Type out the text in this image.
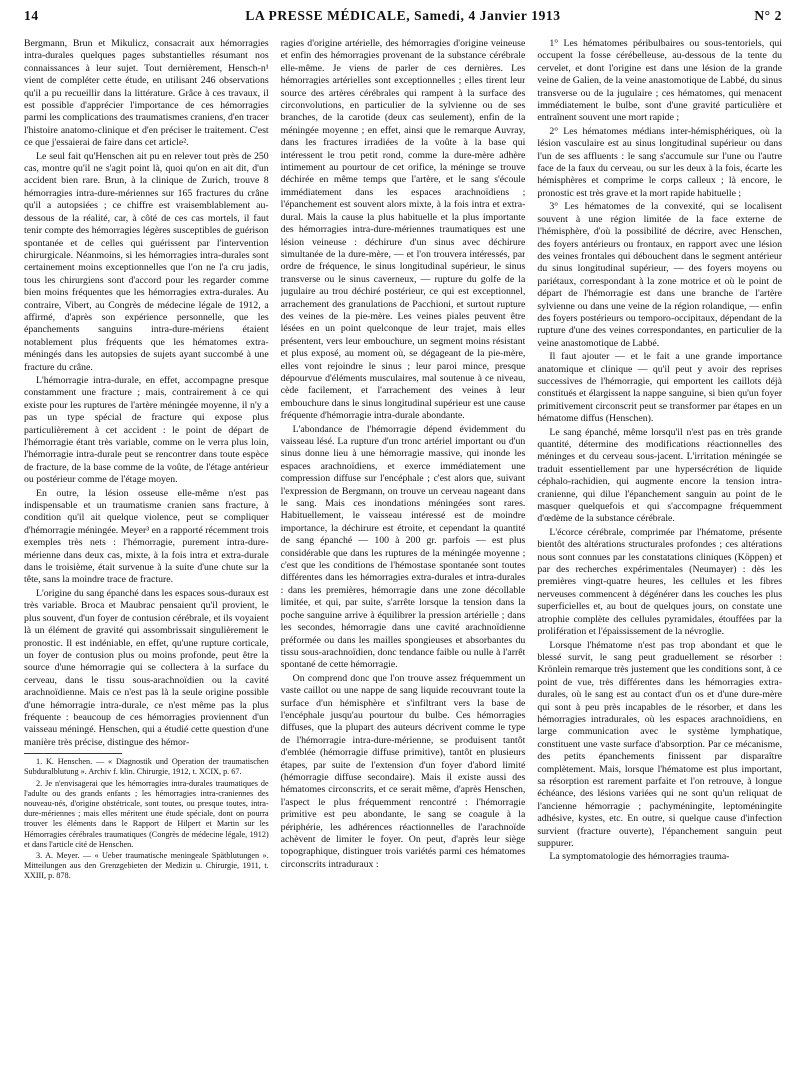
14	LA PRESSE MÉDICALE, Samedi, 4 Janvier 1913	N° 2

Bergmann, Brun et Mikulicz, consacrait aux hémorragies intra-durales quelques pages substantielles résumant nos connaissances à leur sujet. Tout dernièrement, Hensch-n¹ vient de compléter cette étude, en utilisant 246 observations qu'il a pu recueillir dans la littérature. Grâce à ces travaux, il est possible d'apprécier l'importance de ces hémorragies parmi les complications des traumatismes craniens, d'en tracer l'histoire anatomo-clinique et d'en préciser le traitement. C'est ce que j'essaierai de faire dans cet article².

Le seul fait qu'Henschen ait pu en relever tout près de 250 cas, montre qu'il ne s'agit point là, quoi qu'on en ait dit, d'un accident bien rare. Brun, à la clinique de Zurich, trouve 8 hémorragies intra-dure-mériennes sur 165 fractures du crâne qu'il a autopsiées ; ce chiffre est vraisemblablement au-dessous de la réalité, car, à côté de ces cas mortels, il faut tenir compte des hémorragies légères susceptibles de guérison spontanée et de celles qui guérissent par l'intervention chirurgicale. Néanmoins, si les hémorragies intra-durales sont certainement moins exceptionnelles que l'on ne l'a cru jadis, tous les chirurgiens sont d'accord pour les regarder comme bien moins fréquentes que les hémorragies extra-durales. Au contraire, Vibert, au Congrès de médecine légale de 1912, a affirmé, d'après son expérience personnelle, que les épanchements sanguins intra-dure-mériens étaient notablement plus fréquents que les hématomes extra-méningés dans les autopsies de sujets ayant succombé à une fracture du crâne.

L'hémorragie intra-durale, en effet, accompagne presque constamment une fracture ; mais, contrairement à ce qui existe pour les ruptures de l'artère méningée moyenne, il n'y a pas un type spécial de fracture qui expose plus particulièrement à cet accident : le point de départ de l'hémorragie étant très variable, comme on le verra plus loin, l'hémorragie intra-durale peut se rencontrer dans toute espèce de fracture, de la base comme de la voûte, de l'étage antérieur ou postérieur comme de l'étage moyen.

En outre, la lésion osseuse elle-même n'est pas indispensable et un traumatisme cranien sans fracture, à condition qu'il ait quelque violence, peut se compliquer d'hémorragie méningée. Meyer³ en a rapporté récemment trois exemples très nets : l'hémorragie, purement intra-dure-mérienne dans deux cas, mixte, à la fois intra et extra-durale dans le troisième, était survenue à la suite d'une chute sur la tête, sans la moindre trace de fracture.

L'origine du sang épanché dans les espaces sous-duraux est très variable. Broca et Maubrac pensaient qu'il provient, le plus souvent, d'un foyer de contusion cérébrale, et ils voyaient là un élément de gravité qui assombrissait singulièrement le pronostic. Il est indéniable, en effet, qu'une rupture corticale, un foyer de contusion plus ou moins profonde, peut être la source d'une hémorragie qui se collectera à la surface du cerveau, dans le tissu sous-arachnoïdien ou la cavité arachnoïdienne. Mais ce n'est pas là la seule origine possible d'une hémorragie intra-durale, ce n'est même pas la plus fréquente : beaucoup de ces hémorragies proviennent d'un vaisseau méningé. Henschen, qui a étudié cette question d'une manière très précise, distingue des hémor-

1. K. Henschen. — « Diagnostik und Operation der traumatischen Subduralblutung ». Archiv f. klin. Chirurgie, 1912, t. XCIX, p. 67.

2. Je n'envisagerai que les hémorragies intra-durales traumatiques de l'adulte ou des grands enfants ; les hémorragies intra-craniennes des nouveau-nés, d'origine obstétricale, sont toutes, ou presque toutes, intra-dure-mériennes ; mais elles méritent une étude spéciale, dont on pourra trouver les éléments dans le Rapport de Hilpert et Martin sur les Hémorragies cérébrales traumatiques (Congrès de médecine légale, 1912) et dans l'article cité de Henschen.

3. A. Meyer. — « Ueber traumatische meningeale Spätblutungen ». Mitteilungen aus den Grenzgebieten der Medizin u. Chirurgie, 1911, t. XXIII, p. 878.

ragies d'origine artérielle, des hémorragies d'origine veineuse et enfin des hémorragies provenant de la substance cérébrale elle-même. Je viens de parler de ces dernières. Les hémorragies artérielles sont exceptionnelles ; elles tirent leur source des artères cérébrales qui rampent à la surface des circonvolutions, en particulier de la sylvienne ou de ses branches, de la carotide (deux cas seulement), enfin de la méningée moyenne ; en effet, ainsi que le remarque Auvray, dans les fractures irradiées de la voûte à la base qui intéressent le trou petit rond, comme la dure-mère adhère intimement au pourtour de cet orifice, la méninge se trouve déchirée en même temps que l'artère, et le sang s'écoule immédiatement dans les espaces arachnoïdiens ; l'épanchement est souvent alors mixte, à la fois intra et extra-dural. Mais la cause la plus habituelle et la plus importante des hémorragies intra-dure-mériennes traumatiques est une lésion veineuse : déchirure d'un sinus avec déchirure simultanée de la dure-mère, — et l'on trouvera intéressés, par ordre de fréquence, le sinus longitudinal supérieur, le sinus transverse ou le sinus caverneux, — rupture du golfe de la jugulaire au trou déchiré postérieur, ce qui est exceptionnel, arrachement des granulations de Pacchioni, et surtout rupture des veines de la pie-mère. Les veines piales peuvent être lésées en un point quelconque de leur trajet, mais elles présentent, vers leur embouchure, un segment moins résistant et plus exposé, au moment où, se dégageant de la pie-mère, elles vont rejoindre le sinus ; leur paroi mince, presque dépourvue d'éléments musculaires, mal soutenue à ce niveau, cède facilement, et l'arrachement des veines à leur embouchure dans le sinus longitudinal supérieur est une cause fréquente d'hémorragie intra-durale abondante.

L'abondance de l'hémorragie dépend évidemment du vaisseau lésé. La rupture d'un tronc artériel important ou d'un sinus donne lieu à une hémorragie massive, qui inonde les espaces arachnoïdiens, et exerce immédiatement une compression diffuse sur l'encéphale ; c'est alors que, suivant l'expression de Bergmann, on trouve un cerveau nageant dans le sang. Mais ces inondations méningées sont rares. Habituellement, le vaisseau intéressé est de moindre importance, la déchirure est étroite, et cependant la quantité de sang épanché — 100 à 200 gr. parfois — est plus considérable que dans les ruptures de la méningée moyenne ; c'est que les conditions de l'hémostase spontanée sont toutes différentes dans les hémorragies extra-durales et intra-durales : dans les premières, hémorragie dans une zone décollable limitée, et qui, par suite, s'arrête lorsque la tension dans la poche sanguine arrive à équilibrer la pression artérielle ; dans les secondes, hémorragie dans une cavité arachnoïdienne préformée ou dans les mailles spongieuses et absorbantes du tissu sous-arachnoïdien, donc tendance faible ou nulle à l'arrêt spontané de cette hémorragie.

On comprend donc que l'on trouve assez fréquemment un vaste caillot ou une nappe de sang liquide recouvrant toute la surface d'un hémisphère et s'infiltrant vers la base de l'encéphale jusqu'au pourtour du bulbe. Ces hémorragies diffuses, que la plupart des auteurs décrivent comme le type de l'hémorragie intra-dure-mérienne, se produisent tantôt d'emblée (hémorragie diffuse primitive), tantôt en plusieurs étapes, par suite de l'extension d'un foyer d'abord limité (hémorragie diffuse secondaire). Mais il existe aussi des hématomes circonscrits, et ce serait même, d'après Henschen, l'aspect le plus fréquemment rencontré : l'hémorragie primitive est peu abondante, le sang se coagule à la périphérie, les adhérences réactionnelles de l'arachnoïde achèvent de limiter le foyer. On peut, d'après leur siège topographique, distinguer trois variétés parmi ces hématomes circonscrits intraduraux :

1° Les hématomes péribulbaires ou sous-tentoriels, qui occupent la fosse cérébelleuse, au-dessous de la tente du cervelet, et dont l'origine est dans une lésion de la grande veine de Galien, de la veine anastomotique de Labbé, du sinus transverse ou de la jugulaire ; ces hématomes, qui menacent immédiatement le bulbe, sont d'une gravité particulière et entraînent souvent une mort rapide ;

2° Les hématomes médians inter-hémisphériques, où la lésion vasculaire est au sinus longitudinal supérieur ou dans l'un de ses affluents : le sang s'accumule sur l'une ou l'autre face de la faux du cerveau, ou sur les deux à la fois, écarte les hémisphères et comprime le corps calleux ; là encore, le pronostic est très grave et la mort rapide habituelle ;

3° Les hématomes de la convexité, qui se localisent souvent à une région limitée de la face externe de l'hémisphère, d'où la possibilité de décrire, avec Henschen, des foyers antérieurs ou frontaux, en rapport avec une lésion des veines frontales qui débouchent dans le segment antérieur du sinus longitudinal supérieur, — des foyers moyens ou pariétaux, correspondant à la zone motrice et où le point de départ de l'hémorragie est dans une branche de l'artère sylvienne ou dans une veine de la région rolandique, — enfin des foyers postérieurs ou temporo-occipitaux, dépendant de la rupture d'une des veines correspondantes, en particulier de la veine anastomotique de Labbé.

Il faut ajouter — et le fait a une grande importance anatomique et clinique — qu'il peut y avoir des reprises successives de l'hémorragie, qui emportent les caillots déjà constitués et élargissent la nappe sanguine, si bien qu'un foyer primitivement circonscrit peut se transformer par étapes en un hématome diffus (Henschen).

Le sang épanché, même lorsqu'il n'est pas en très grande quantité, détermine des modifications réactionnelles des méninges et du cerveau sous-jacent. L'irritation méningée se traduit essentiellement par une hypersécrétion de liquide céphalo-rachidien, qui augmente encore la tension intra-cranienne, qui dilue l'épanchement sanguin au point de le masquer quelquefois et qui s'accompagne fréquemment d'œdème de la substance cérébrale.

L'écorce cérébrale, comprimée par l'hématome, présente bientôt des altérations structurales profondes ; ces altérations nous sont connues par les constatations cliniques (Köppen) et par des recherches expérimentales (Neumayer) : dès les premières vingt-quatre heures, les cellules et les fibres nerveuses commencent à dégénérer dans les couches les plus superficielles et, au bout de quelques jours, on constate une atrophie complète des cellules pyramidales, étouffées par la prolifération et l'épaississement de la névroglie.

Lorsque l'hématome n'est pas trop abondant et que le blessé survit, le sang peut graduellement se résorber : Krönlein remarque très justement que les conditions sont, à ce point de vue, très différentes dans les hémorragies extra-durales, où le sang est au contact d'un os et d'une dure-mère qui sont à peu près incapables de le résorber, et dans les hémorragies intradurales, où les espaces arachnoïdiens, en large communication avec le système lymphatique, constituent une vaste surface d'absorption. Par ce mécanisme, des petits épanchements finissent par disparaître complètement. Mais, lorsque l'hématome est plus important, sa résorption est rarement parfaite et l'on retrouve, à longue échéance, des lésions variées qui ne sont qu'un reliquat de l'ancienne hémorragie ; pachyméningite, leptoméningite adhésive, kystes, etc. En outre, si quelque cause d'infection survient (fracture ouverte), l'épanchement sanguin peut suppurer.

La symptomatologie des hémorragies trauma-
